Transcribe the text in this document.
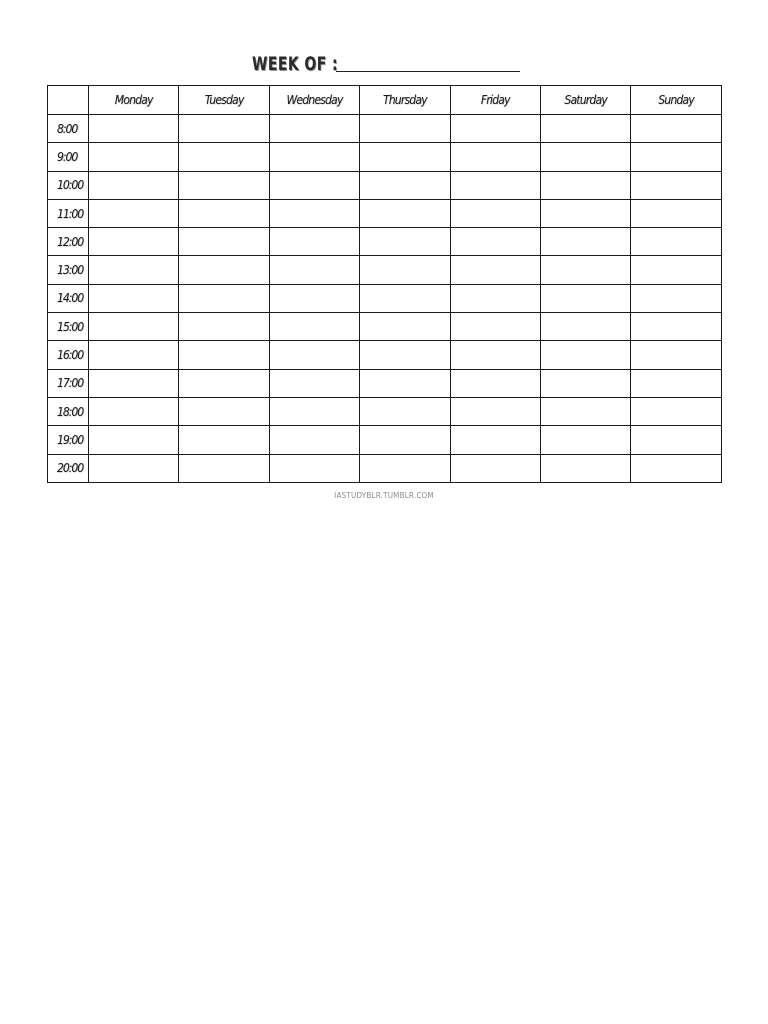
WEEK OF :
	Monday	Tuesday	Wednesday	Thursday	Friday	Saturday	Sunday
8:00							
9:00							
10:00							
11:00							
12:00							
13:00							
14:00							
15:00							
16:00							
17:00							
18:00							
19:00							
20:00							
IASTUDYBLR.TUMBLR.COM
